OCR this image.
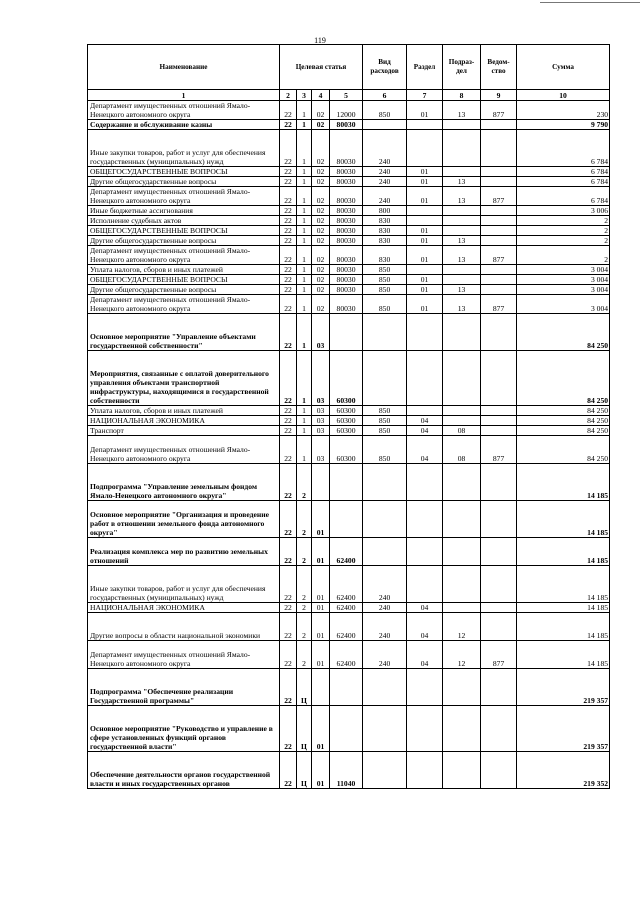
119
Наименование	Целевая статья				Вид расходов	Раздел	Подраз-дел	Ведом-ство	Сумма
1	2	3	4	5	6	7	8	9	10
Департамент имущественных отношений Ямало-Ненецкого автономного округа	22	1	02	12000	850	01	13	877	230
Содержание и обслуживание казны	22	1	02	80030					9 790
Иные закупки товаров, работ и услуг для обеспечения государственных (муниципальных) нужд	22	1	02	80030	240				6 784
ОБЩЕГОСУДАРСТВЕННЫЕ ВОПРОСЫ	22	1	02	80030	240	01			6 784
Другие общегосударственные вопросы	22	1	02	80030	240	01	13		6 784
Департамент имущественных отношений Ямало-Ненецкого автономного округа	22	1	02	80030	240	01	13	877	6 784
Иные бюджетные ассигнования	22	1	02	80030	800				3 006
Исполнение судебных актов	22	1	02	80030	830				2
ОБЩЕГОСУДАРСТВЕННЫЕ ВОПРОСЫ	22	1	02	80030	830	01			2
Другие общегосударственные вопросы	22	1	02	80030	830	01	13		2
Департамент имущественных отношений Ямало-Ненецкого автономного округа	22	1	02	80030	830	01	13	877	2
Уплата налогов, сборов и иных платежей	22	1	02	80030	850				3 004
ОБЩЕГОСУДАРСТВЕННЫЕ ВОПРОСЫ	22	1	02	80030	850	01			3 004
Другие общегосударственные вопросы	22	1	02	80030	850	01	13		3 004
Департамент имущественных отношений Ямало-Ненецкого автономного округа	22	1	02	80030	850	01	13	877	3 004
Основное мероприятие "Управление объектами государственной собственности"	22	1	03						84 250
Мероприятия, связанные с оплатой доверительного управления объектами транспортной инфраструктуры, находящимися в государственной собственности	22	1	03	60300					84 250
Уплата налогов, сборов и иных платежей	22	1	03	60300	850				84 250
НАЦИОНАЛЬНАЯ ЭКОНОМИКА	22	1	03	60300	850	04			84 250
Транспорт	22	1	03	60300	850	04	08		84 250
Департамент имущественных отношений Ямало-Ненецкого автономного округа	22	1	03	60300	850	04	08	877	84 250
Подпрограмма "Управление земельным фондом Ямало-Ненецкого автономного округа"	22	2							14 185
Основное мероприятие "Организация и проведение работ в отношении земельного фонда автономного округа"	22	2	01						14 185
Реализация комплекса мер по развитию земельных отношений	22	2	01	62400					14 185
Иные закупки товаров, работ и услуг для обеспечения государственных (муниципальных) нужд	22	2	01	62400	240				14 185
НАЦИОНАЛЬНАЯ ЭКОНОМИКА	22	2	01	62400	240	04			14 185
Другие вопросы в области национальной экономики	22	2	01	62400	240	04	12		14 185
Департамент имущественных отношений Ямало-Ненецкого автономного округа	22	2	01	62400	240	04	12	877	14 185
Подпрограмма "Обеспечение реализации Государственной программы"	22	Ц							219 357
Основное мероприятие "Руководство и управление в сфере установленных функций органов государственной власти"	22	Ц	01						219 357
Обеспечение деятельности органов государственной власти и иных государственных органов	22	Ц	01	11040					219 352
